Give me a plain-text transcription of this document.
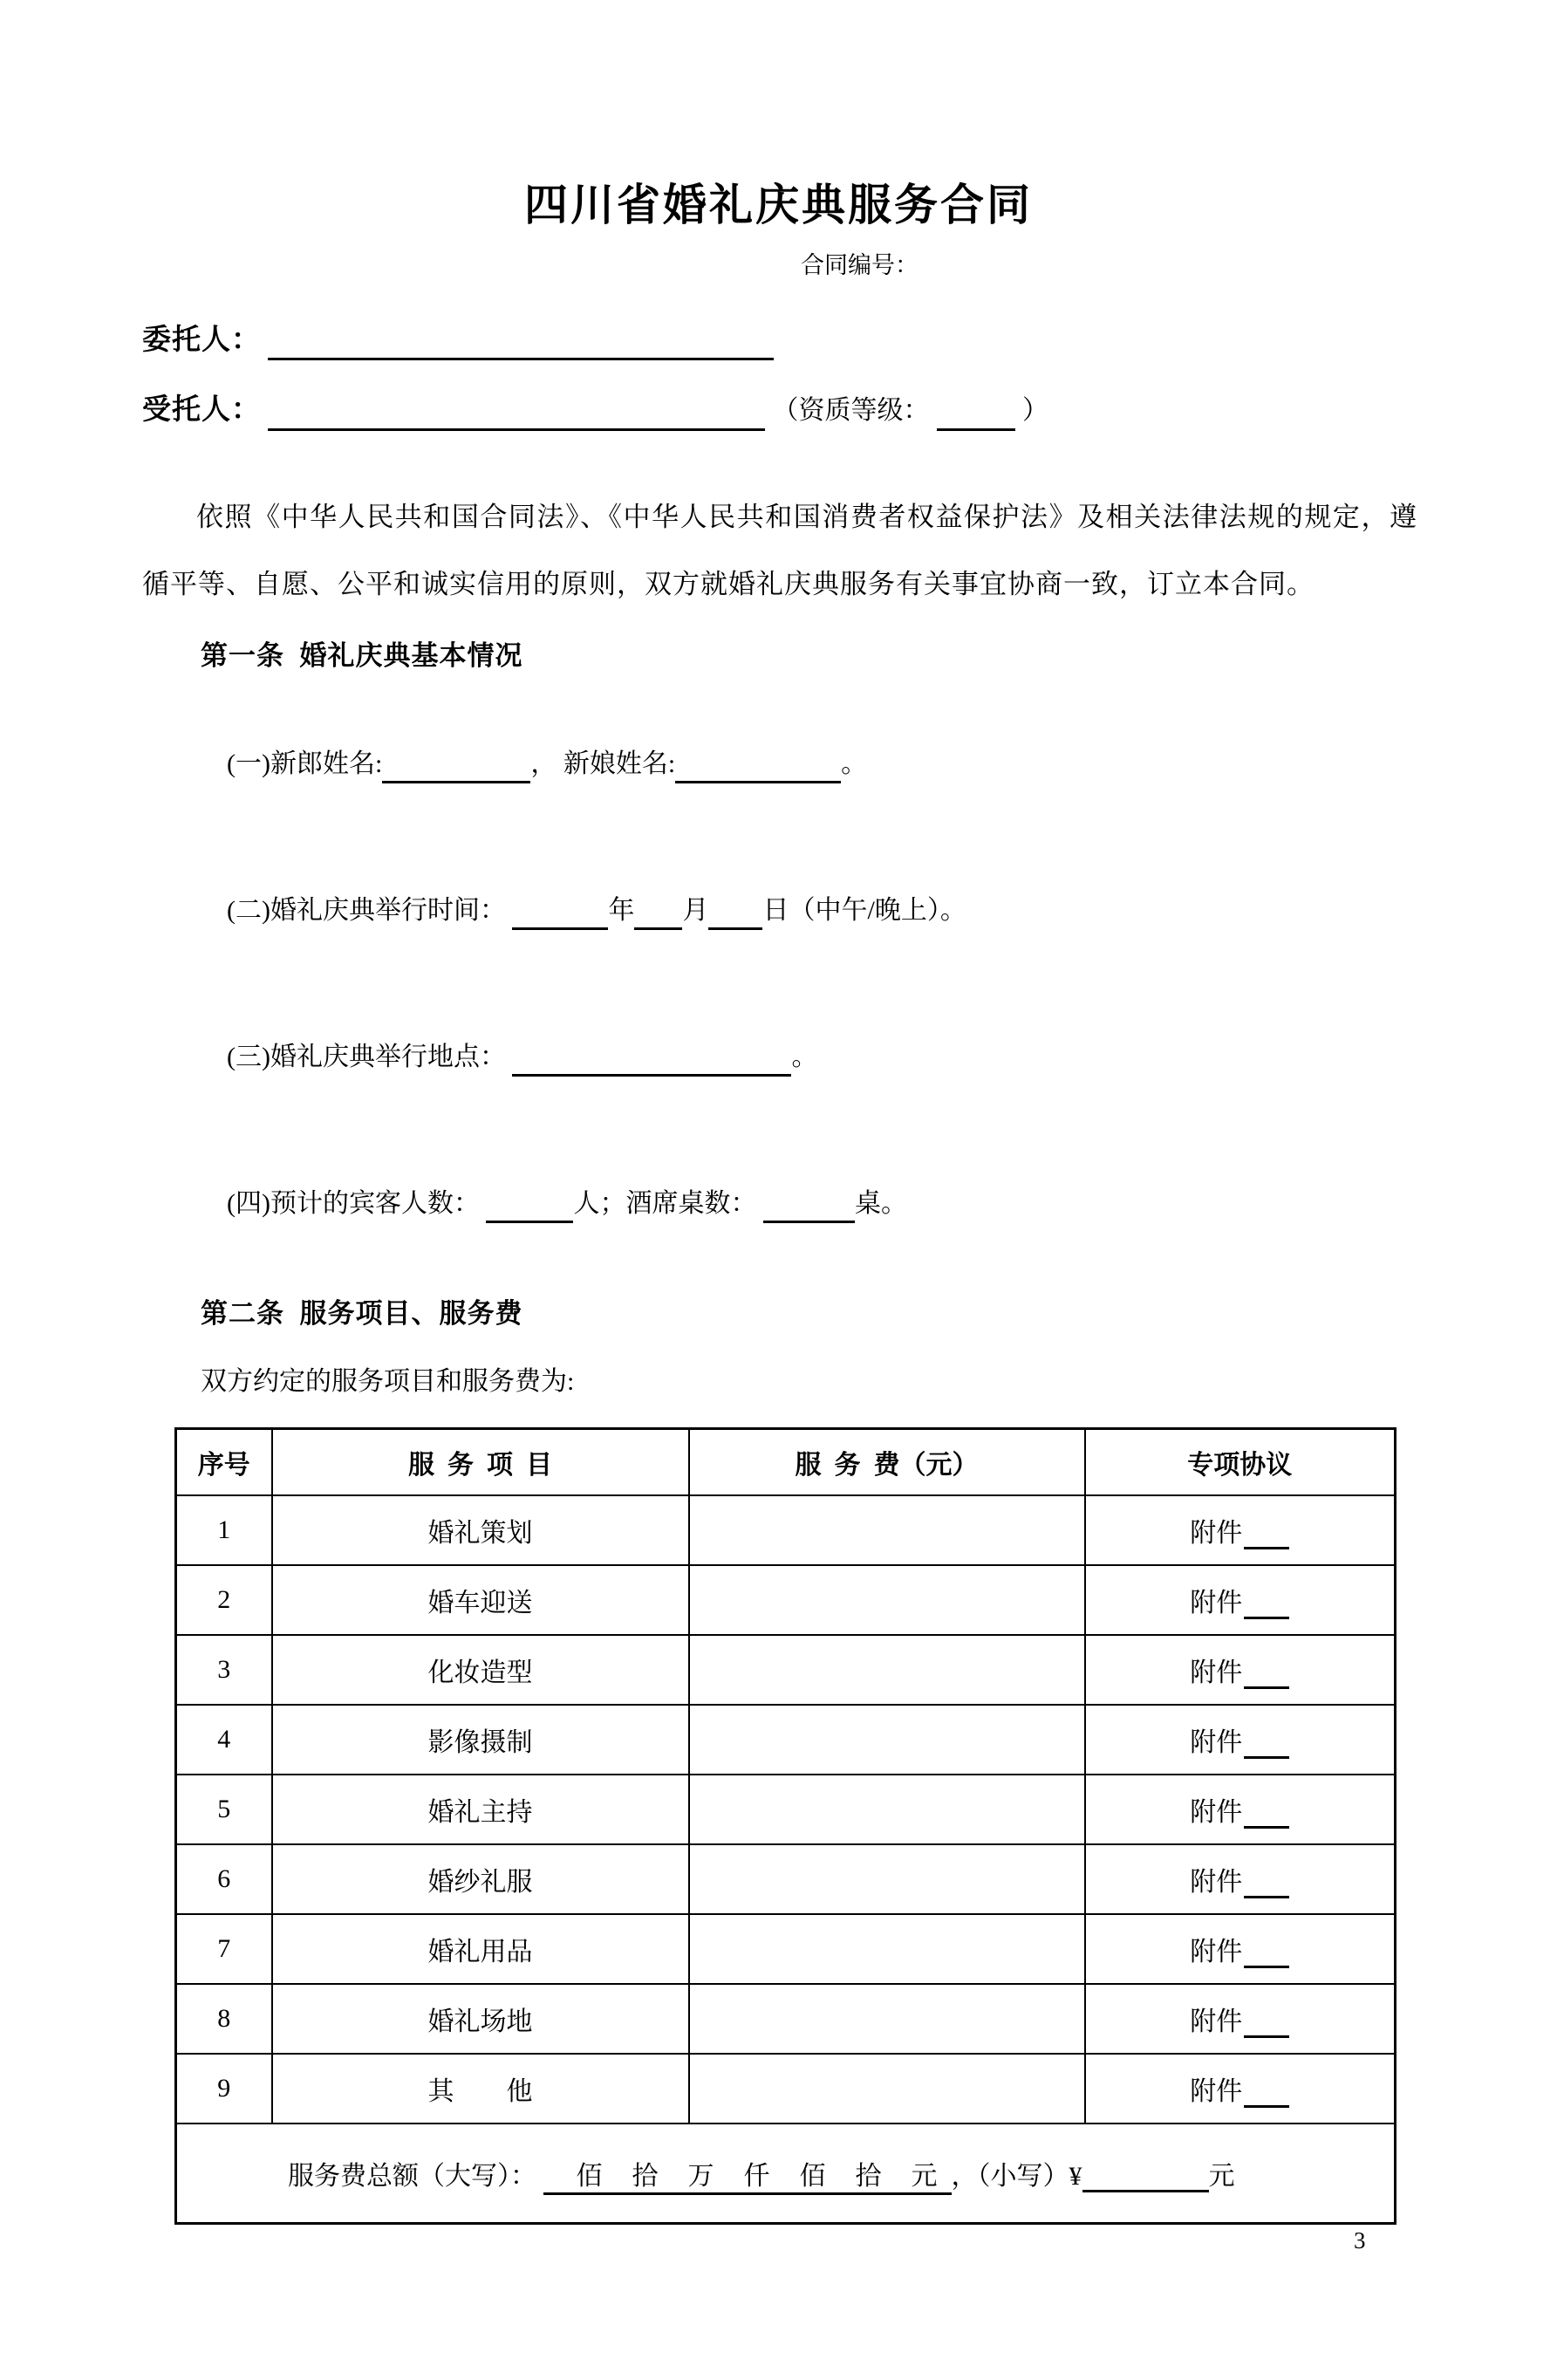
四川省婚礼庆典服务合同
合同编号：
委托人：
受托人：	（资质等级：	）

依照《中华人民共和国合同法》、《中华人民共和国消费者权益保护法》及相关法律法规的规定，遵循平等、自愿、公平和诚实信用的原则，双方就婚礼庆典服务有关事宜协商一致，订立本合同。

第一条  婚礼庆典基本情况

(一)新郎姓名:	， 新娘姓名:	。

(二)婚礼庆典举行时间：	年 月 日（中午/晚上）。

(三)婚礼庆典举行地点：	。

(四)预计的宾客人数：	人；酒席桌数：	桌。

第二条  服务项目、服务费
双方约定的服务项目和服务费为:
序号	服  务  项  目	服  务  费（元）	专项协议
1	婚礼策划		附件
2	婚车迎送		附件
3	化妆造型		附件
4	影像摄制		附件
5	婚礼主持		附件
6	婚纱礼服		附件
7	婚礼用品		附件
8	婚礼场地		附件
9	其　　他		附件

服务费总额（大写）： 　佰　拾　万　仟　佰　拾　元 ，（小写）¥ 元			

3
